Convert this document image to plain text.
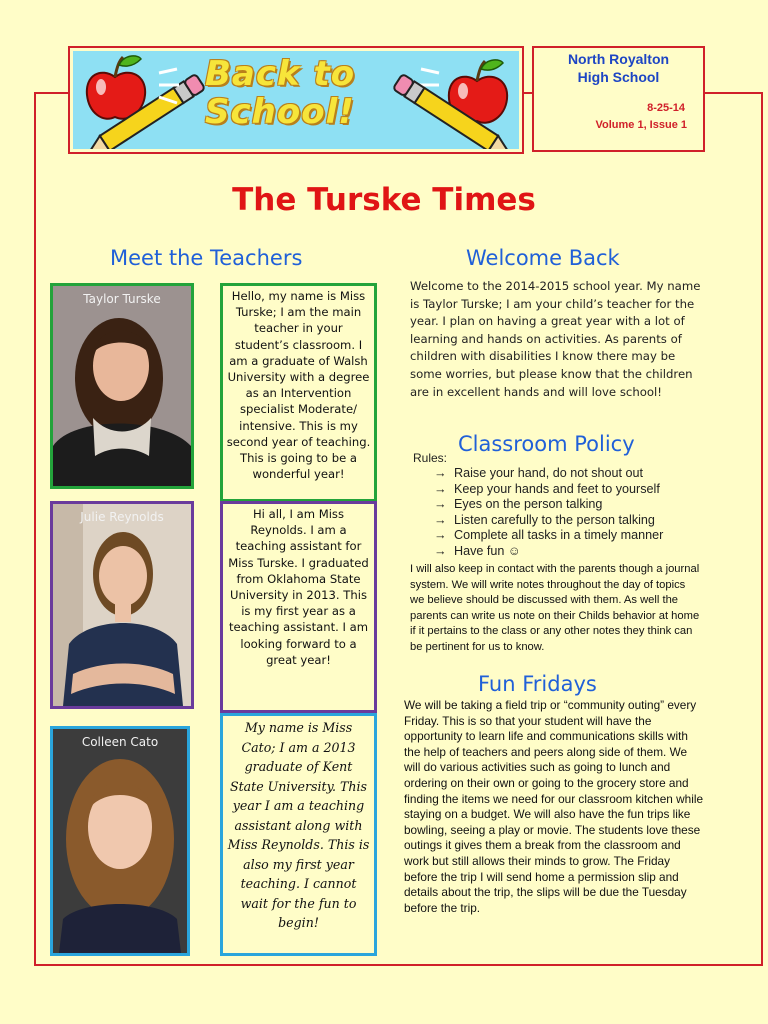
Back to
School!
North Royalton
High School
8-25-14
Volume 1, Issue 1
The Turske Times
Meet the Teachers
Taylor Turske	Hello, my name is Miss Turske; I am the main teacher in your student’s classroom. I am a graduate of Walsh University with a degree as an Intervention specialist Moderate/ intensive. This is my second year of teaching. This is going to be a wonderful year!
Julie Reynolds	Hi all, I am Miss Reynolds. I am a teaching assistant for Miss Turske. I graduated from Oklahoma State University in 2013. This is my first year as a teaching assistant. I am looking forward to a great year!
Colleen Cato
My name is Miss Cato; I am a 2013 graduate of Kent State University. This year I am a teaching assistant along with Miss Reynolds. This is also my first year teaching. I cannot wait for the fun to begin!
Welcome Back
Welcome to the 2014-2015 school year. My name is Taylor Turske; I am your child’s teacher for the year. I plan on having a great year with a lot of learning and hands on activities. As parents of children with disabilities I know there may be some worries, but please know that the children are in excellent hands and will love school!
Classroom Policy
Rules:
→ Raise your hand, do not shout out
→ Keep your hands and feet to yourself
→ Eyes on the person talking
→ Listen carefully to the person talking
→ Complete all tasks in a timely manner
→ Have fun ☺
I will also keep in contact with the parents though a journal system. We will write notes throughout the day of topics we believe should be discussed with them. As well the parents can write us note on their Childs behavior at home if it pertains to the class or any other notes they think can be pertinent for us to know.
Fun Fridays
We will be taking a field trip or “community outing” every Friday. This is so that your student will have the opportunity to learn life and communications skills with the help of teachers and peers along side of them. We will do various activities such as going to lunch and ordering on their own or going to the grocery store and finding the items we need for our classroom kitchen while staying on a budget. We will also have the fun trips like bowling, seeing a play or movie. The students love these outings it gives them a break from the classroom and work but still allows their minds to grow. The Friday before the trip I will send home a permission slip and details about the trip, the slips will be due the Tuesday before the trip.
